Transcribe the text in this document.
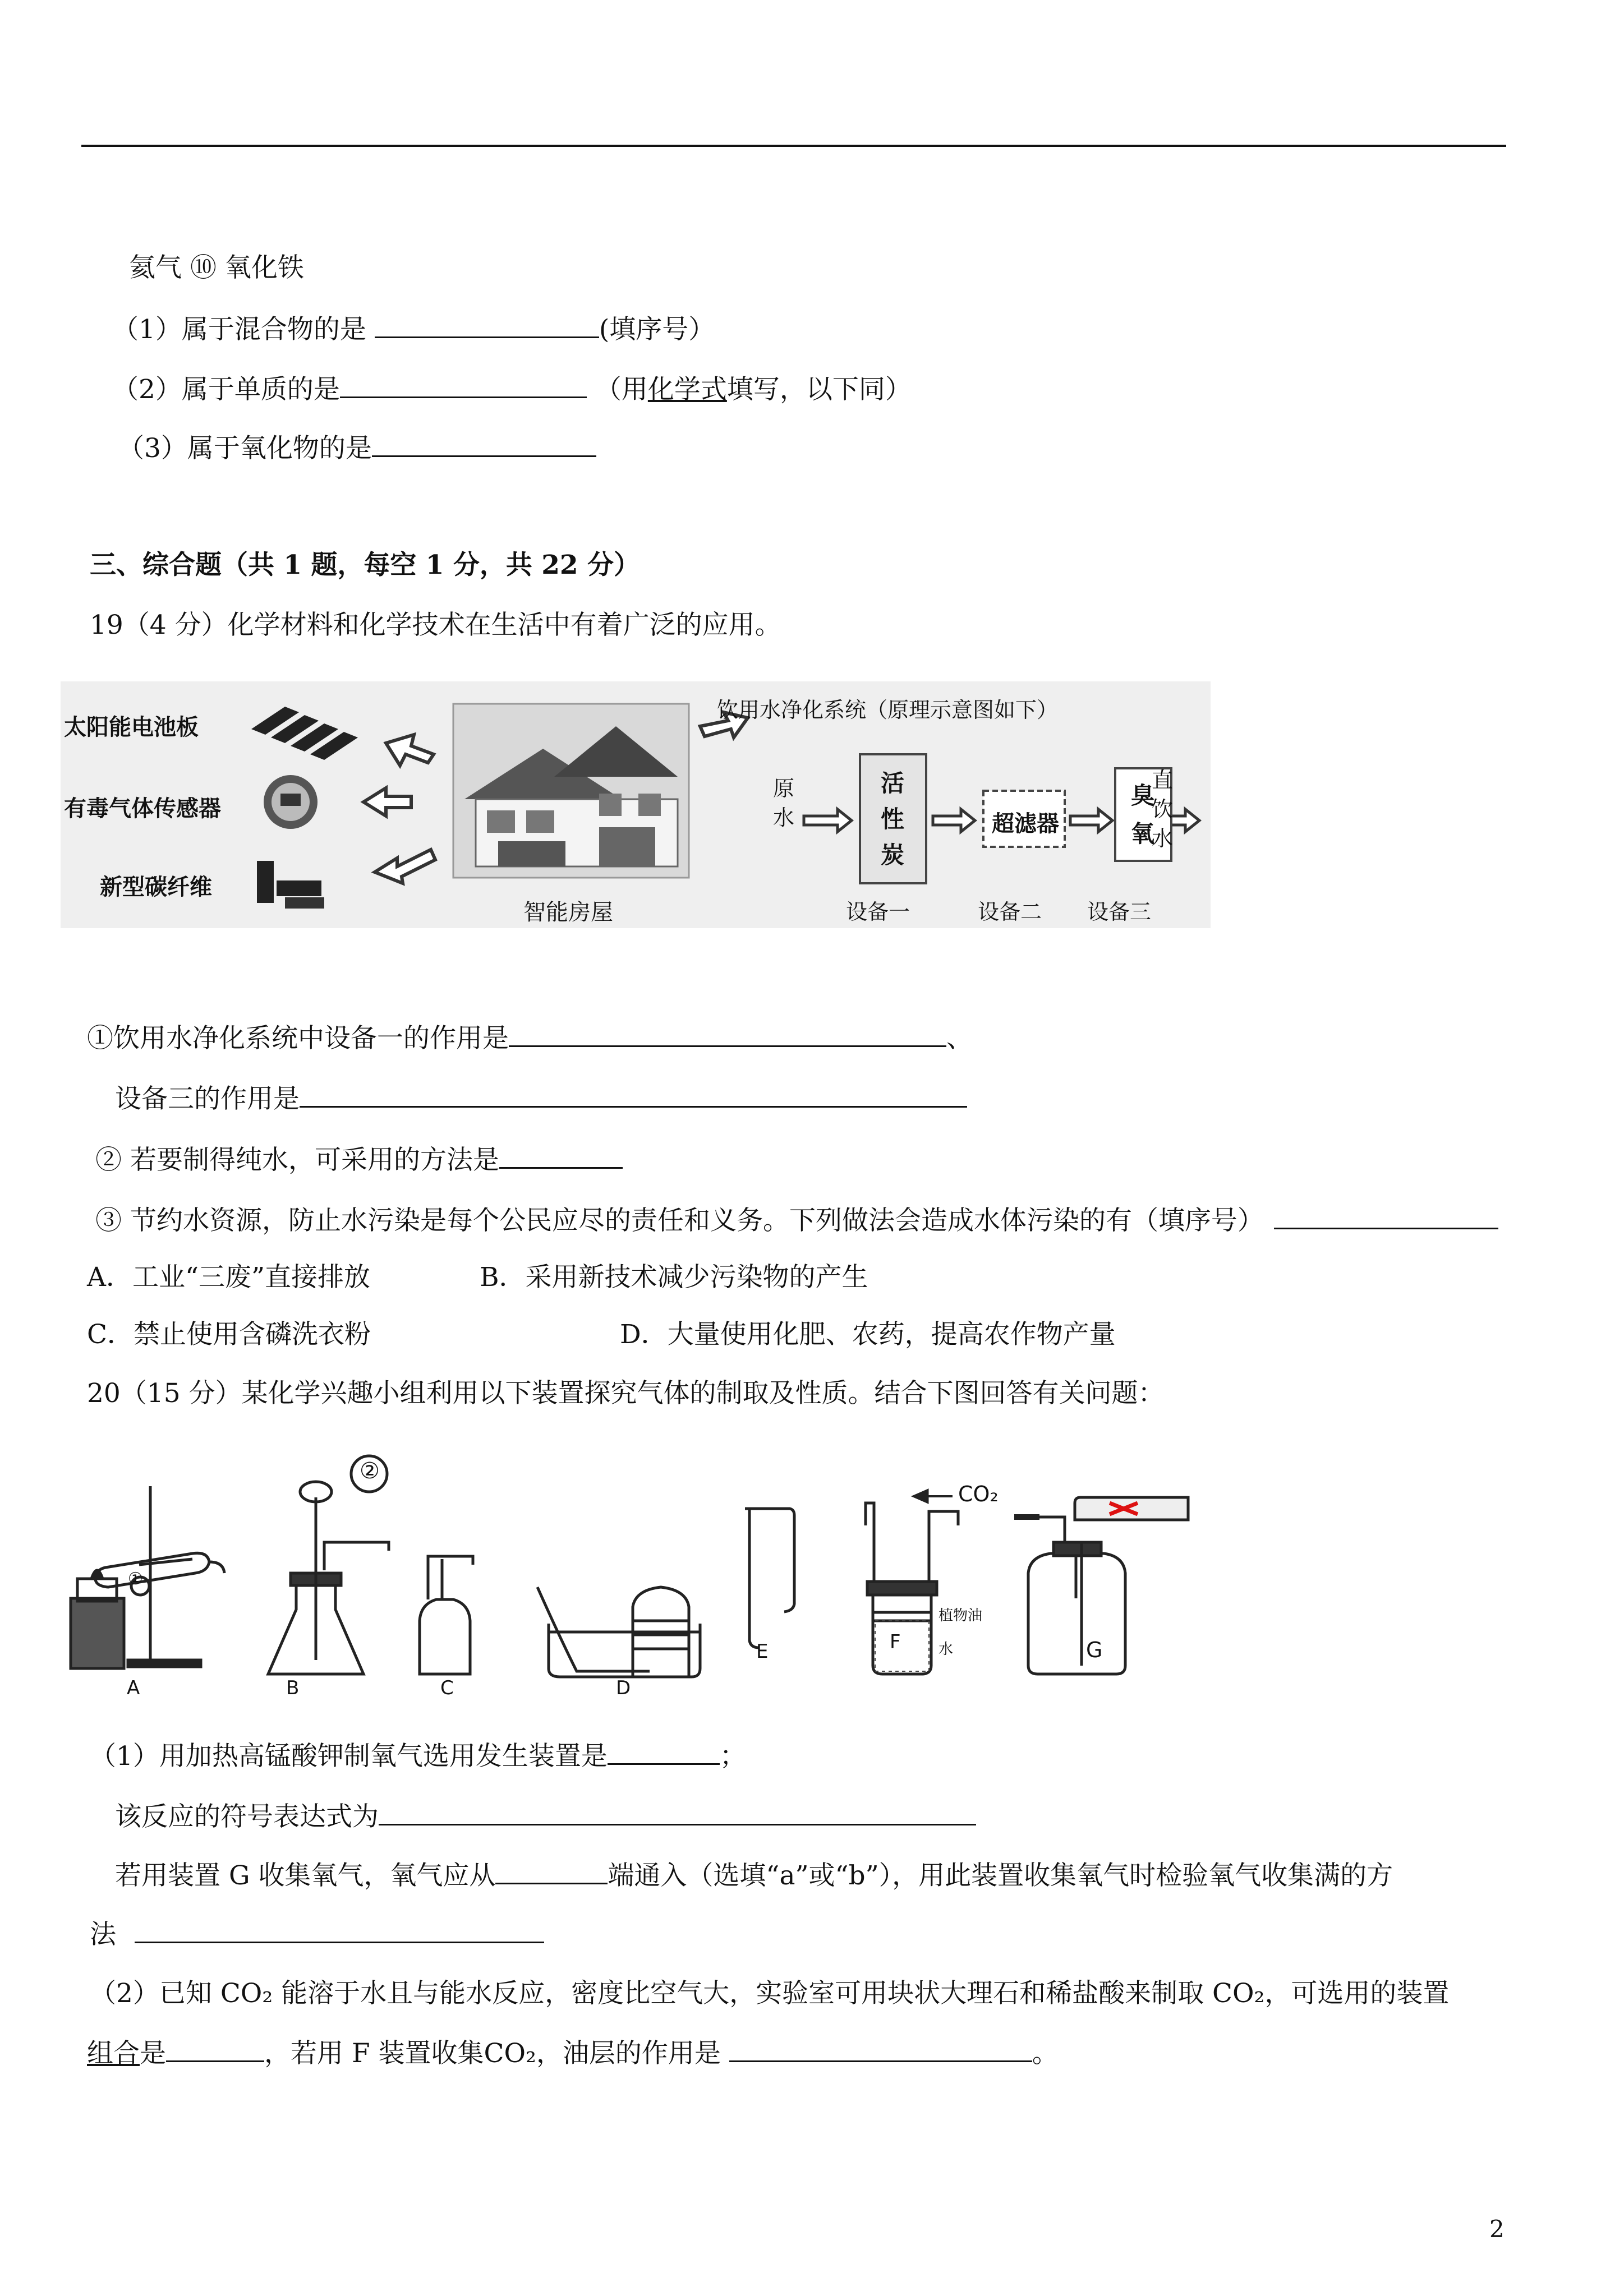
氦气 ⑩ 氧化铁
（1）属于混合物的是	(填序号）
（2）属于单质的是	（用化学式填写，以下同）
（3）属于氧化物的是
三、综合题（共 1 题，每空 1 分，共 22 分）
19（4 分）化学材料和化学技术在生活中有着广泛的应用。
太阳能电池板
有毒气体传感器
新型碳纤维
智能房屋
饮用水净化系统（原理示意图如下）
原水
活性炭
超滤器
臭氧
直饮水
设备一	设备二 设备三
①饮用水净化系统中设备一的作用是	、
设备三的作用是
② 若要制得纯水，可采用的方法是
③ 节约水资源，防止水污染是每个公民应尽的责任和义务。下列做法会造成水体污染的有（填序号）
A．工业“三废”直接排放	B．采用新技术减少污染物的产生
C．禁止使用含磷洗衣粉	D．大量使用化肥、农药，提高农作物产量
20（15 分）某化学兴趣小组利用以下装置探究气体的制取及性质。结合下图回答有关问题：
①
②
CO₂
植物油
水
A	B	C	D
E	F	G
（1）用加热高锰酸钾制氧气选用发生装置是	；
该反应的符号表达式为
若用装置 G 收集氧气，氧气应从	端通入（选填“a”或“b”），用此装置收集氧气时检验氧气收集满的方
法
（2）已知 CO₂ 能溶于水且与能水反应，密度比空气大，实验室可用块状大理石和稀盐酸来制取 CO₂，可选用的装置
组合是	，若用 F 装置收集CO₂，油层的作用是	。
2
